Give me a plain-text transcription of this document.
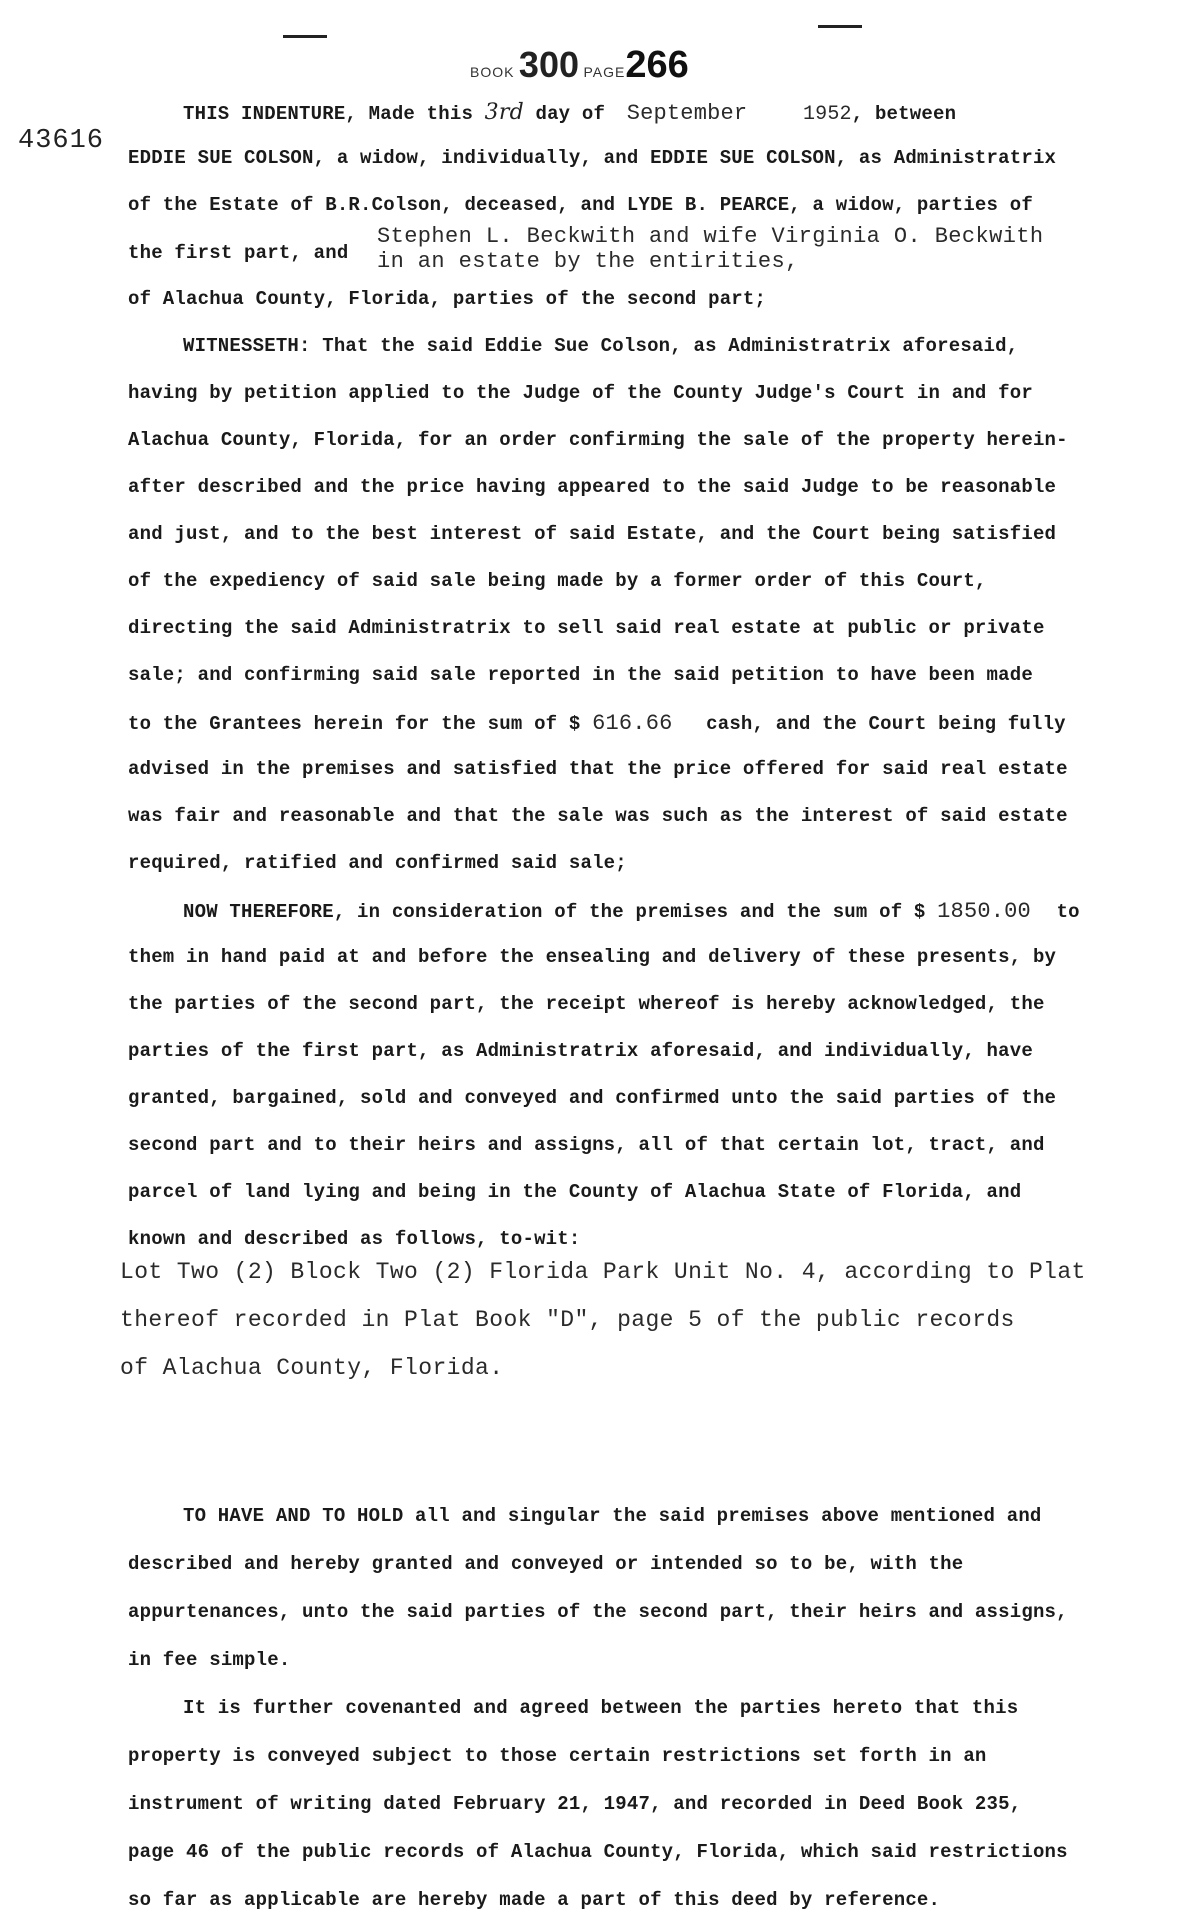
BOOK 300 PAGE266
43616
THIS INDENTURE, Made this 3rd day of September	1952, between
EDDIE SUE COLSON, a widow, individually, and EDDIE SUE COLSON, as Administratrix
of the Estate of B.R.Colson, deceased, and LYDE B. PEARCE, a widow, parties of
the first part, and
Stephen L. Beckwith and wife Virginia O. Beckwith
in an estate by the entirities,
of Alachua County, Florida, parties of the second part;
WITNESSETH: That the said Eddie Sue Colson, as Administratrix aforesaid,
having by petition applied to the Judge of the County Judge's Court in and for
Alachua County, Florida, for an order confirming the sale of the property herein-
after described and the price having appeared to the said Judge to be reasonable
and just, and to the best interest of said Estate, and the Court being satisfied
of the expediency of said sale being made by a former order of this Court,
directing the said Administratrix to sell said real estate at public or private
sale; and confirming said sale reported in the said petition to have been made
to the Grantees herein for the sum of $ 616.66 cash, and the Court being fully
advised in the premises and satisfied that the price offered for said real estate
was fair and reasonable and that the sale was such as the interest of said estate
required, ratified and confirmed said sale;
NOW THEREFORE, in consideration of the premises and the sum of $ 1850.00 to
them in hand paid at and before the ensealing and delivery of these presents, by
the parties of the second part, the receipt whereof is hereby acknowledged, the
parties of the first part, as Administratrix aforesaid, and individually, have
granted, bargained, sold and conveyed and confirmed unto the said parties of the
second part and to their heirs and assigns, all of that certain lot, tract, and
parcel of land lying and being in the County of Alachua State of Florida, and
known and described as follows, to-wit:
Lot Two (2) Block Two (2) Florida Park Unit No. 4, according to Plat
thereof recorded in Plat Book "D", page 5 of the public records
of Alachua County, Florida.
TO HAVE AND TO HOLD all and singular the said premises above mentioned and
described and hereby granted and conveyed or intended so to be, with the
appurtenances, unto the said parties of the second part, their heirs and assigns,
in fee simple.
It is further covenanted and agreed between the parties hereto that this
property is conveyed subject to those certain restrictions set forth in an
instrument of writing dated February 21, 1947, and recorded in Deed Book 235,
page 46 of the public records of Alachua County, Florida, which said restrictions
so far as applicable are hereby made a part of this deed by reference.
